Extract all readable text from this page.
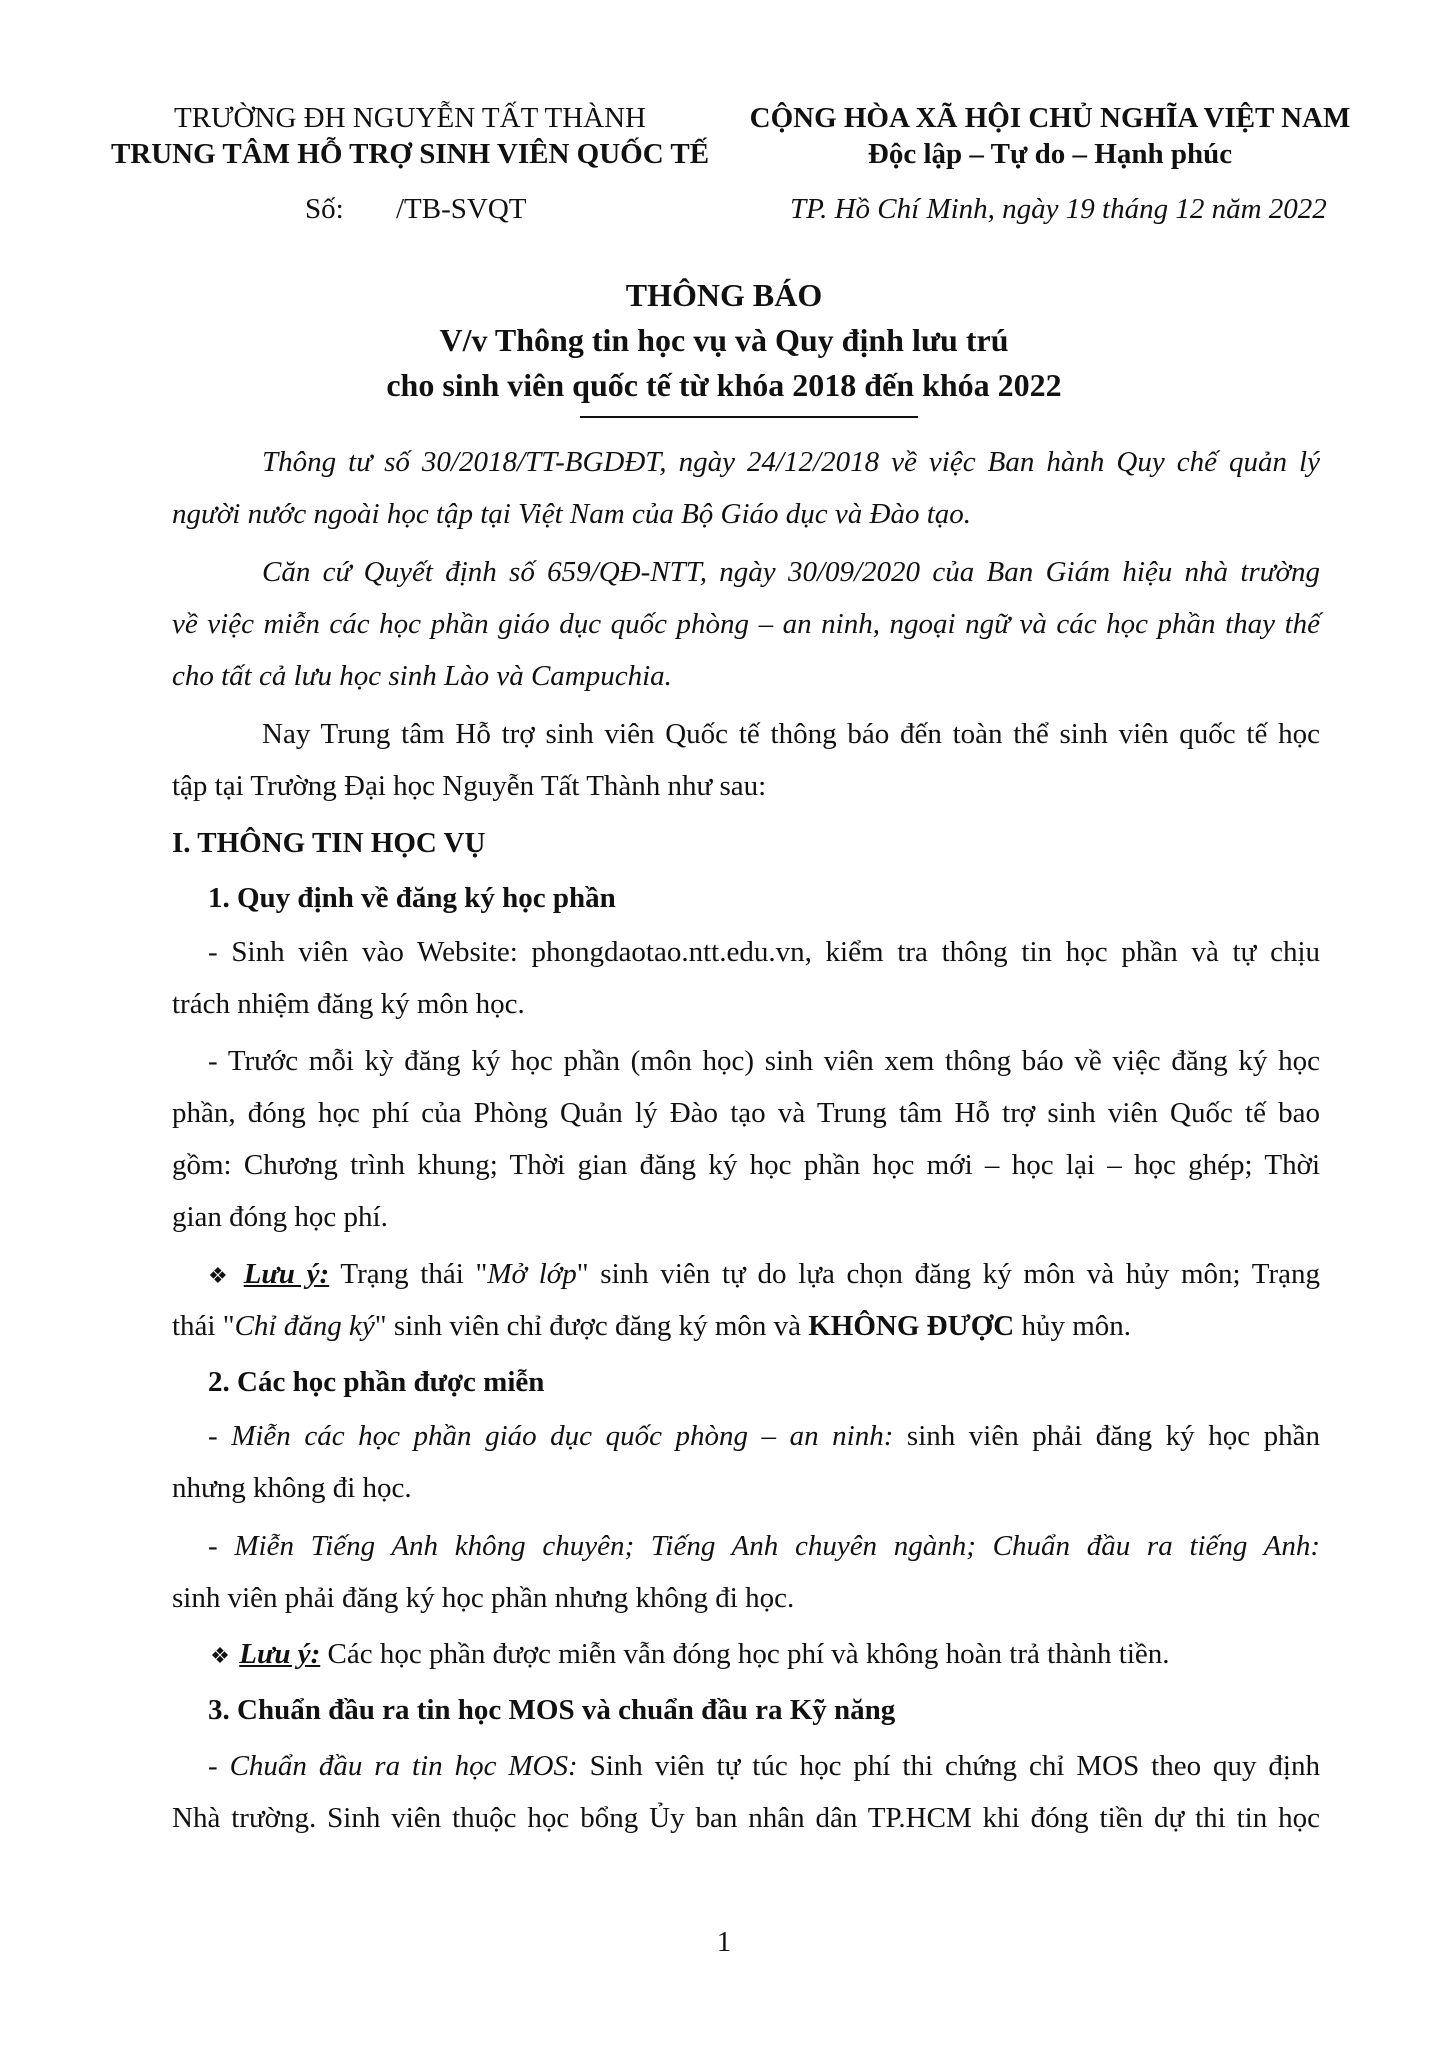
TRƯỜNG ĐH NGUYỄN TẤT THÀNH
TRUNG TÂM HỖ TRỢ SINH VIÊN QUỐC TẾ
Số: /TB-SVQT
CỘNG HÒA XÃ HỘI CHỦ NGHĨA VIỆT NAM
Độc lập – Tự do – Hạnh phúc
TP. Hồ Chí Minh, ngày 19 tháng 12 năm 2022
THÔNG BÁO
V/v Thông tin học vụ và Quy định lưu trú
cho sinh viên quốc tế từ khóa 2018 đến khóa 2022
Thông tư số 30/2018/TT-BGDĐT, ngày 24/12/2018 về việc Ban hành Quy chế quản lý
người nước ngoài học tập tại Việt Nam của Bộ Giáo dục và Đào tạo.
Căn cứ Quyết định số 659/QĐ-NTT, ngày 30/09/2020 của Ban Giám hiệu nhà trường
về việc miễn các học phần giáo dục quốc phòng – an ninh, ngoại ngữ và các học phần thay thế
cho tất cả lưu học sinh Lào và Campuchia.
Nay Trung tâm Hỗ trợ sinh viên Quốc tế thông báo đến toàn thể sinh viên quốc tế học
tập tại Trường Đại học Nguyễn Tất Thành như sau:
I. THÔNG TIN HỌC VỤ
1. Quy định về đăng ký học phần
- Sinh viên vào Website: phongdaotao.ntt.edu.vn, kiểm tra thông tin học phần và tự chịu
trách nhiệm đăng ký môn học.
- Trước mỗi kỳ đăng ký học phần (môn học) sinh viên xem thông báo về việc đăng ký học
phần, đóng học phí của Phòng Quản lý Đào tạo và Trung tâm Hỗ trợ sinh viên Quốc tế bao
gồm: Chương trình khung; Thời gian đăng ký học phần học mới – học lại – học ghép; Thời
gian đóng học phí.
❖ Lưu ý: Trạng thái "Mở lớp" sinh viên tự do lựa chọn đăng ký môn và hủy môn; Trạng
thái "Chỉ đăng ký" sinh viên chỉ được đăng ký môn và KHÔNG ĐƯỢC hủy môn.
2. Các học phần được miễn
- Miễn các học phần giáo dục quốc phòng – an ninh: sinh viên phải đăng ký học phần
nhưng không đi học.
- Miễn Tiếng Anh không chuyên; Tiếng Anh chuyên ngành; Chuẩn đầu ra tiếng Anh:
sinh viên phải đăng ký học phần nhưng không đi học.
❖ Lưu ý: Các học phần được miễn vẫn đóng học phí và không hoàn trả thành tiền.
3. Chuẩn đầu ra tin học MOS và chuẩn đầu ra Kỹ năng
- Chuẩn đầu ra tin học MOS: Sinh viên tự túc học phí thi chứng chỉ MOS theo quy định
Nhà trường. Sinh viên thuộc học bổng Ủy ban nhân dân TP.HCM khi đóng tiền dự thi tin học
1
